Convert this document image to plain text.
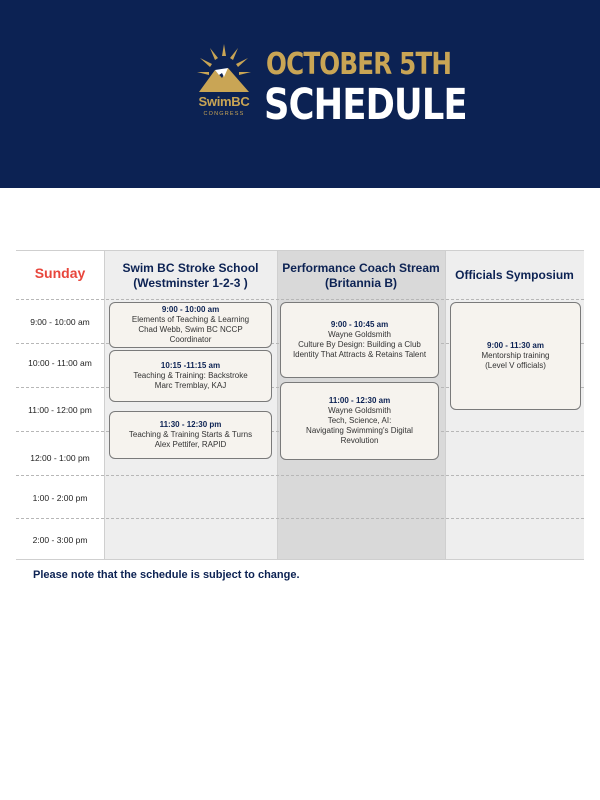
SwimBC
CONGRESS
OCTOBER 5TH
SCHEDULE
Sunday	Swim BC Stroke School
(Westminster 1-2-3 )
Performance Coach Stream
(Britannia B)
Officials Symposium
9:00 - 10:00 am
10:00 - 11:00 am
11:00 - 12:00 pm
12:00 - 1:00 pm
1:00 - 2:00 pm
2:00 - 3:00 pm
9:00 - 10:00 am
Elements of Teaching & Learning
Chad Webb, Swim BC NCCP
Coordinator
10:15 -11:15 am
Teaching & Training: Backstroke
Marc Tremblay, KAJ
11:30 - 12:30 pm
Teaching & Training Starts & Turns
Alex Pettifer, RAPID
9:00 - 10:45 am
Wayne Goldsmith
Culture By Design: Building a Club
Identity That Attracts & Retains Talent
11:00 - 12:30 am
Wayne Goldsmith
Tech, Science, AI:
Navigating Swimming's Digital
Revolution
9:00 - 11:30 am
Mentorship training
(Level V officials)
Please note that the schedule is subject to change.
